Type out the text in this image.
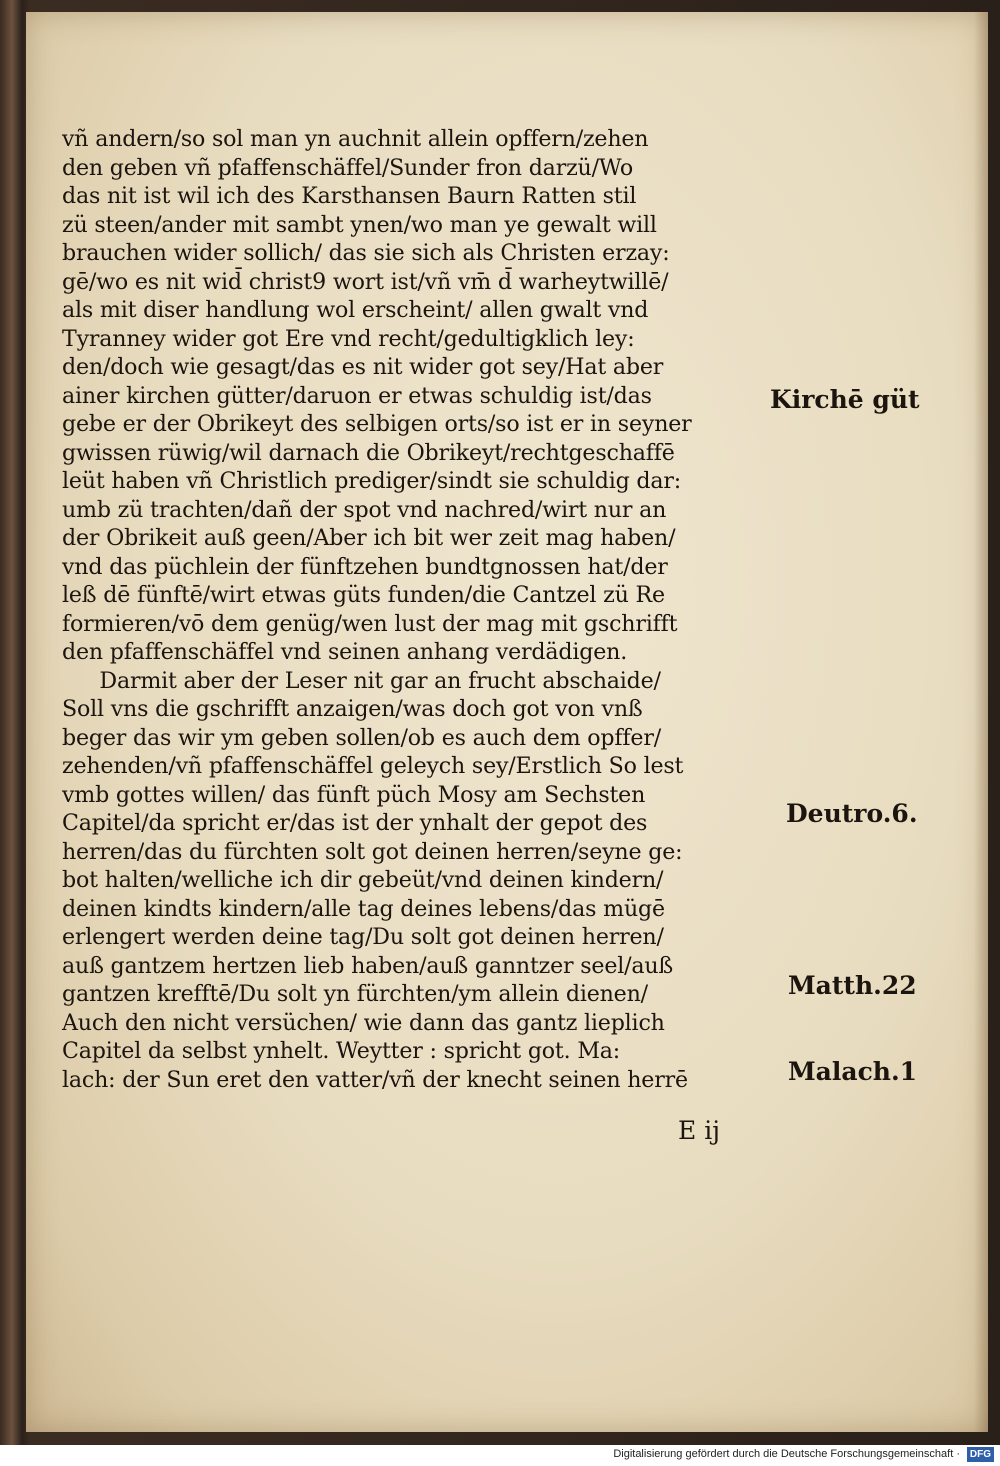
vñ andern/so sol man yn auchnit allein opffern/zehen
den geben vñ pfaffenschäffel/Sunder fron darzü/Wo
das nit ist wil ich des Karsthansen Baurn Ratten stil
zü steen/ander mit sambt ynen/wo man ye gewalt will
brauchen wider sollich/ das sie sich als Christen erzay:
gē/wo es nit wid̄ christ9 wort ist/vñ vm̄ d̄ warheytwillē/
als mit diser handlung wol erscheint/ allen gwalt vnd
Tyranney wider got Ere vnd recht/gedultigklich ley:
den/doch wie gesagt/das es nit wider got sey/Hat aber
ainer kirchen gütter/daruon er etwas schuldig ist/das
gebe er der Obrikeyt des selbigen orts/so ist er in seyner
gwissen rüwig/wil darnach die Obrikeyt/rechtgeschaffē
leüt haben vñ Christlich prediger/sindt sie schuldig dar:
umb zü trachten/dañ der spot vnd nachred/wirt nur an
der Obrikeit auß geen/Aber ich bit wer zeit mag haben/
vnd das püchlein der fünftzehen bundtgnossen hat/der
leß dē fünftē/wirt etwas güts funden/die Cantzel zü Re
formieren/vō dem genüg/wen lust der mag mit gschrifft
den pfaffenschäffel vnd seinen anhang verdädigen.
Darmit aber der Leser nit gar an frucht abschaide/
Soll vns die gschrifft anzaigen/was doch got von vnß
beger das wir ym geben sollen/ob es auch dem opffer/
zehenden/vñ pfaffenschäffel geleych sey/Erstlich So lest
vmb gottes willen/ das fünft püch Mosy am Sechsten
Capitel/da spricht er/das ist der ynhalt der gepot des
herren/das du fürchten solt got deinen herren/seyne ge:
bot halten/welliche ich dir gebeüt/vnd deinen kindern/
deinen kindts kindern/alle tag deines lebens/das mügē
erlengert werden deine tag/Du solt got deinen herren/
auß gantzem hertzen lieb haben/auß ganntzer seel/auß
gantzen krefftē/Du solt yn fürchten/ym allein dienen/
Auch den nicht versüchen/ wie dann das gantz lieplich
Capitel da selbst ynhelt. Weytter : spricht got. Ma:
lach: der Sun eret den vatter/vñ der knecht seinen herrē
Kirchē güt
Deutro.6.
Matth.22
Malach.1
E ij
Digitalisierung gefördert durch die Deutsche Forschungsgemeinschaft · DFG
